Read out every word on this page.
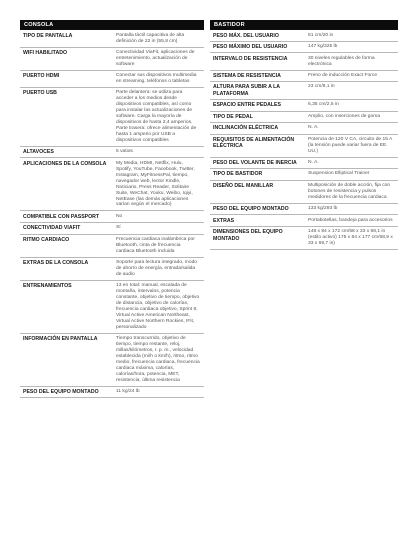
CONSOLA	
TIPO DE PANTALLA	Pantalla táctil capacitiva de alta definición de 22 in (55,8 cm)
WIFI HABILITADO	Conectividad ViaFit, aplicaciones de entretenimiento, actualización de software
PUERTO HDMI	Conectar sus dispositivos multimedia en streaming, teléfonos o tabletas
PUERTO USB	Parte delantera: se utiliza para acceder a los medios desde dispositivos compatibles, así como para instalar las actualizaciones de software. Carga la mayoría de dispositivos de hasta 2,4 amperios. Parte trasera: ofrece alimentación de hasta 1 amperio por USB a dispositivos compatibles
ALTAVOCES	5 vatios
APLICACIONES DE LA CONSOLA	My Media, HDMI, Netflix, Hulu, Spotify, YouTube, Facebook, Twitter, Instagram, MyFitnessPal, tiempo, navegador web, lector Kindle, Noticiario, Press Reader, Solitaire Suite, WeChat, Youku, Weibo, Iqiyi, NetEase (las demás aplicaciones varían según el mercado)
COMPATIBLE CON PASSPORT	No
CONECTIVIDAD VIAFIT	Sí
RITMO CARDIACO	Frecuencia cardiaca inalámbrica por Bluetooth, cinta de frecuencia cardiaca Bluetooth incluida
EXTRAS DE LA CONSOLA	Soporte para lectura integrado, modo de ahorro de energía, entrada/salida de audio
ENTRENAMIENTOS	13 en total: manual, escalada de montaña, intervalos, potencia constante, objetivo de tiempo, objetivo de distancia, objetivo de calorías, frecuencia cardiaca objetivo, Sprint 8, Virtual Active American Northeast, Virtual Active Northern Rockies, IFit, personalizado
INFORMACIÓN EN PANTALLA	Tiempo transcurrido, objetivo de tiempo, tiempo restante, reloj, millas/kilómetros, r. p. m., velocidad establecida (mi/h o km/h), ritmo, ritmo medio, frecuencia cardiaca, frecuencia cardiaca máxima, calorías, calorías/hora, potencia, MET, resistencia, última resistencia
PESO DEL EQUIPO MONTADO	11 kg/24 lb
BASTIDOR	
PESO MÁX. DEL USUARIO	51 cm/20 in
PESO MÁXIMO DEL USUARIO	147 kg/325 lb
INTERVALO DE RESISTENCIA	30 niveles regulables de forma electrónica
SISTEMA DE RESISTENCIA	Freno de inducción Exact Force
ALTURA PARA SUBIR A LA PLATAFORMA	23 cm/9,1 in
ESPACIO ENTRE PEDALES	6,35 cm/2,5 in
TIPO DE PEDAL	Amplio, con inserciones de goma
INCLINACIÓN ELÉCTRICA	N. A.
REQUISITOS DE ALIMENTACIÓN ELÉCTRICA	Potencia de 120 V CA, circuito de 15 A (la tensión puede variar fuera de EE. UU.)
PESO DEL VOLANTE DE INERCIA	N. A.
TIPO DE BASTIDOR	Suspension Elliptical Trainer
DISEÑO DEL MANILLAR	Multiposición de doble acción, fija con botones de resistencia y pulsos medidores de la frecuencia cardiaca
PESO DEL EQUIPO MONTADO	133 kg/293 lb
EXTRAS	Portabotellas, bandeja para accesorios
DIMENSIONES DEL EQUIPO MONTADO	148 x 84 x 172 cm/58 x 33 x 68,1 in (estilo activo) 175 x 84 x 177 cm/68,9 x 33 x 69,7 in)
